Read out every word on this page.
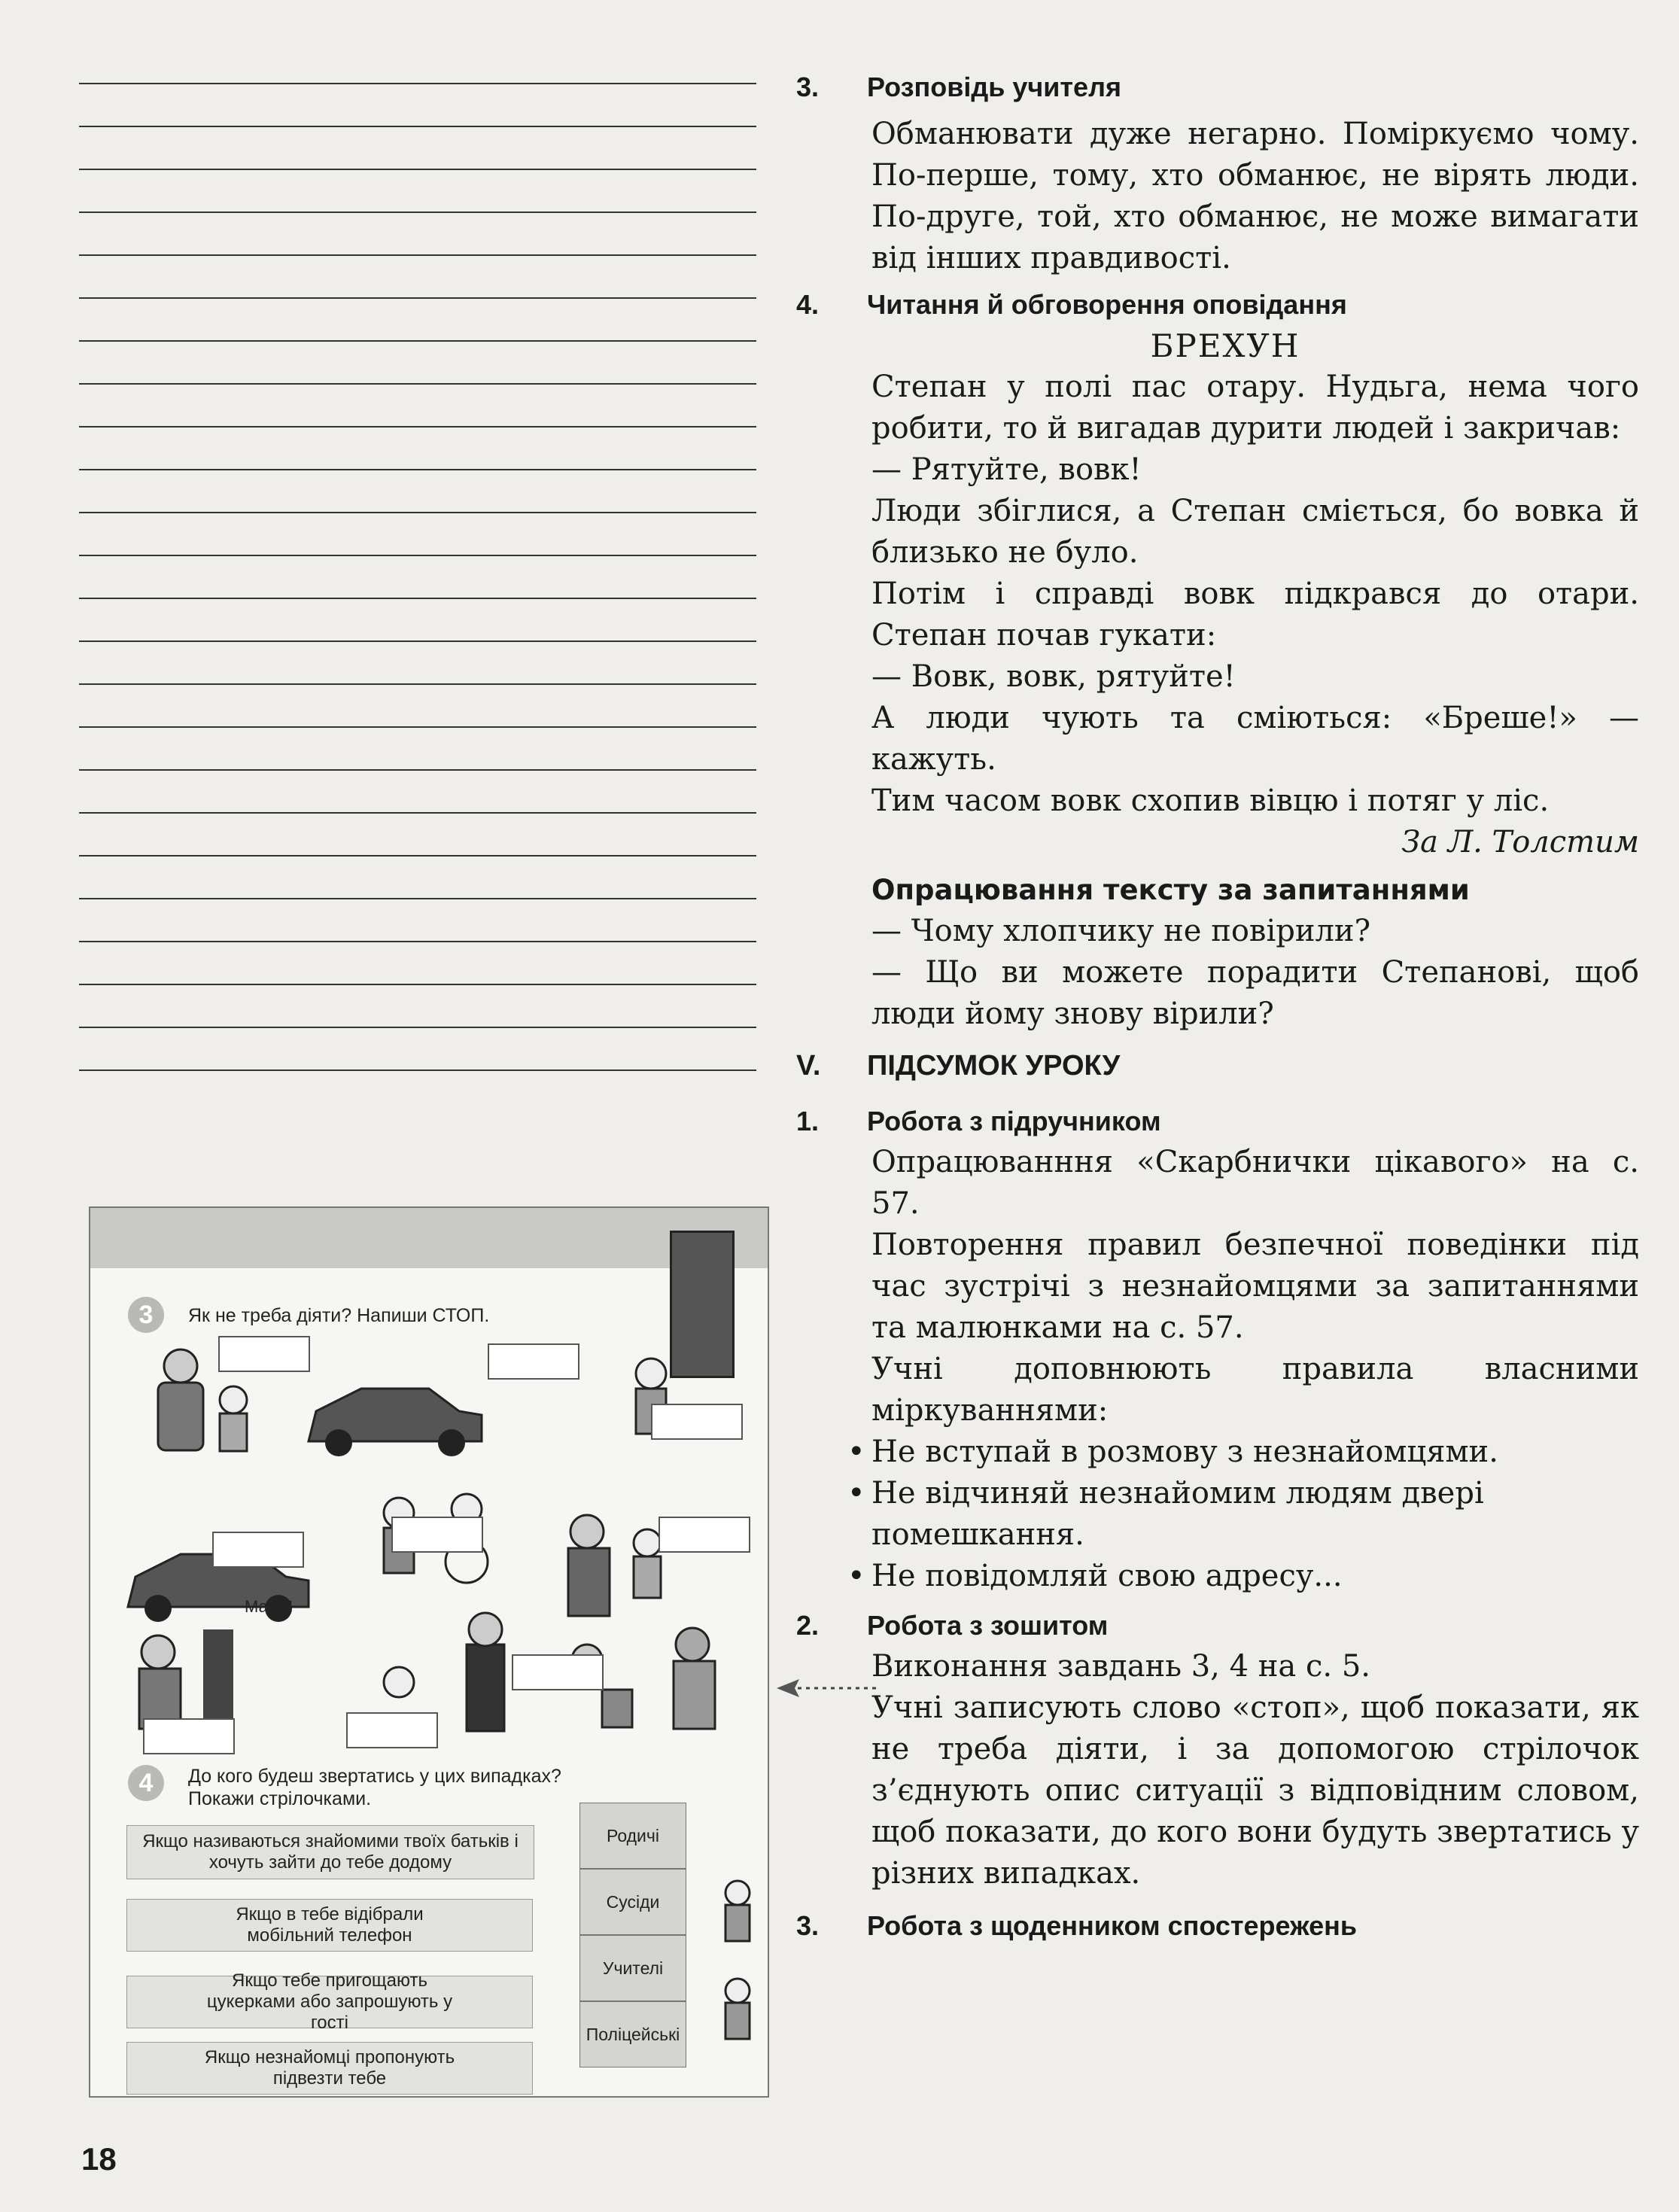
3.	Розповідь учителя
Обманювати дуже негарно. Поміркуємо чому. По-перше, тому, хто обманює, не вірять люди. По-друге, той, хто обманює, не може вимагати від інших правдивості.
4.	Читання й обговорення оповідання
БРЕХУН
Степан у полі пас отару. Нудьга, нема чого робити, то й вигадав дурити людей і закричав:
— Рятуйте, вовк!
Люди збіглися, а Степан сміється, бо вовка й близько не було.
Потім і справді вовк підкрався до отари. Степан почав гукати:
— Вовк, вовк, рятуйте!
А люди чують та сміються: «Бреше!» — кажуть.
Тим часом вовк схопив вівцю і потяг у ліс.
За Л. Толстим
Опрацювання тексту за запитаннями
— Чому хлопчику не повірили?
— Що ви можете порадити Степанові, щоб люди йому знову вірили?
V.	ПІДСУМОК УРОКУ
1.	Робота з підручником
Опрацюванння «Скарбнички цікавого» на с. 57.
Повторення правил безпечної поведінки під час зустрічі з незнайомцями за запитаннями та малюнками на с. 57.
Учні доповнюють правила власними міркуваннями:
• Не вступай в розмову з незнайомцями.
• Не відчиняй незнайомим людям двері помешкання.
• Не повідомляй свою адресу...
2.	Робота з зошитом
Виконання завдань 3, 4 на с. 5.
Учні записують слово «стоп», щоб показати, як не треба діяти, і за допомогою стрілочок з’єднують опис ситуації з відповідним словом, щоб показати, до кого вони будуть звертатись у різних випадках.
3.	Робота з щоденником спостережень
3	Як не треба діяти? Напиши СТОП.
Мамо!
4	До кого будеш звертатись у цих випадках?
Покажи стрілочками.
Якщо називаються знайомими твоїх батьків і хочуть зайти до тебе додому
Якщо в тебе відібрали мобільний телефон
Якщо тебе пригощають цукерками або запрошують у гості
Якщо незнайомці пропонують підвезти тебе
Родичі
Сусіди
Учителі
Поліцейські
18
